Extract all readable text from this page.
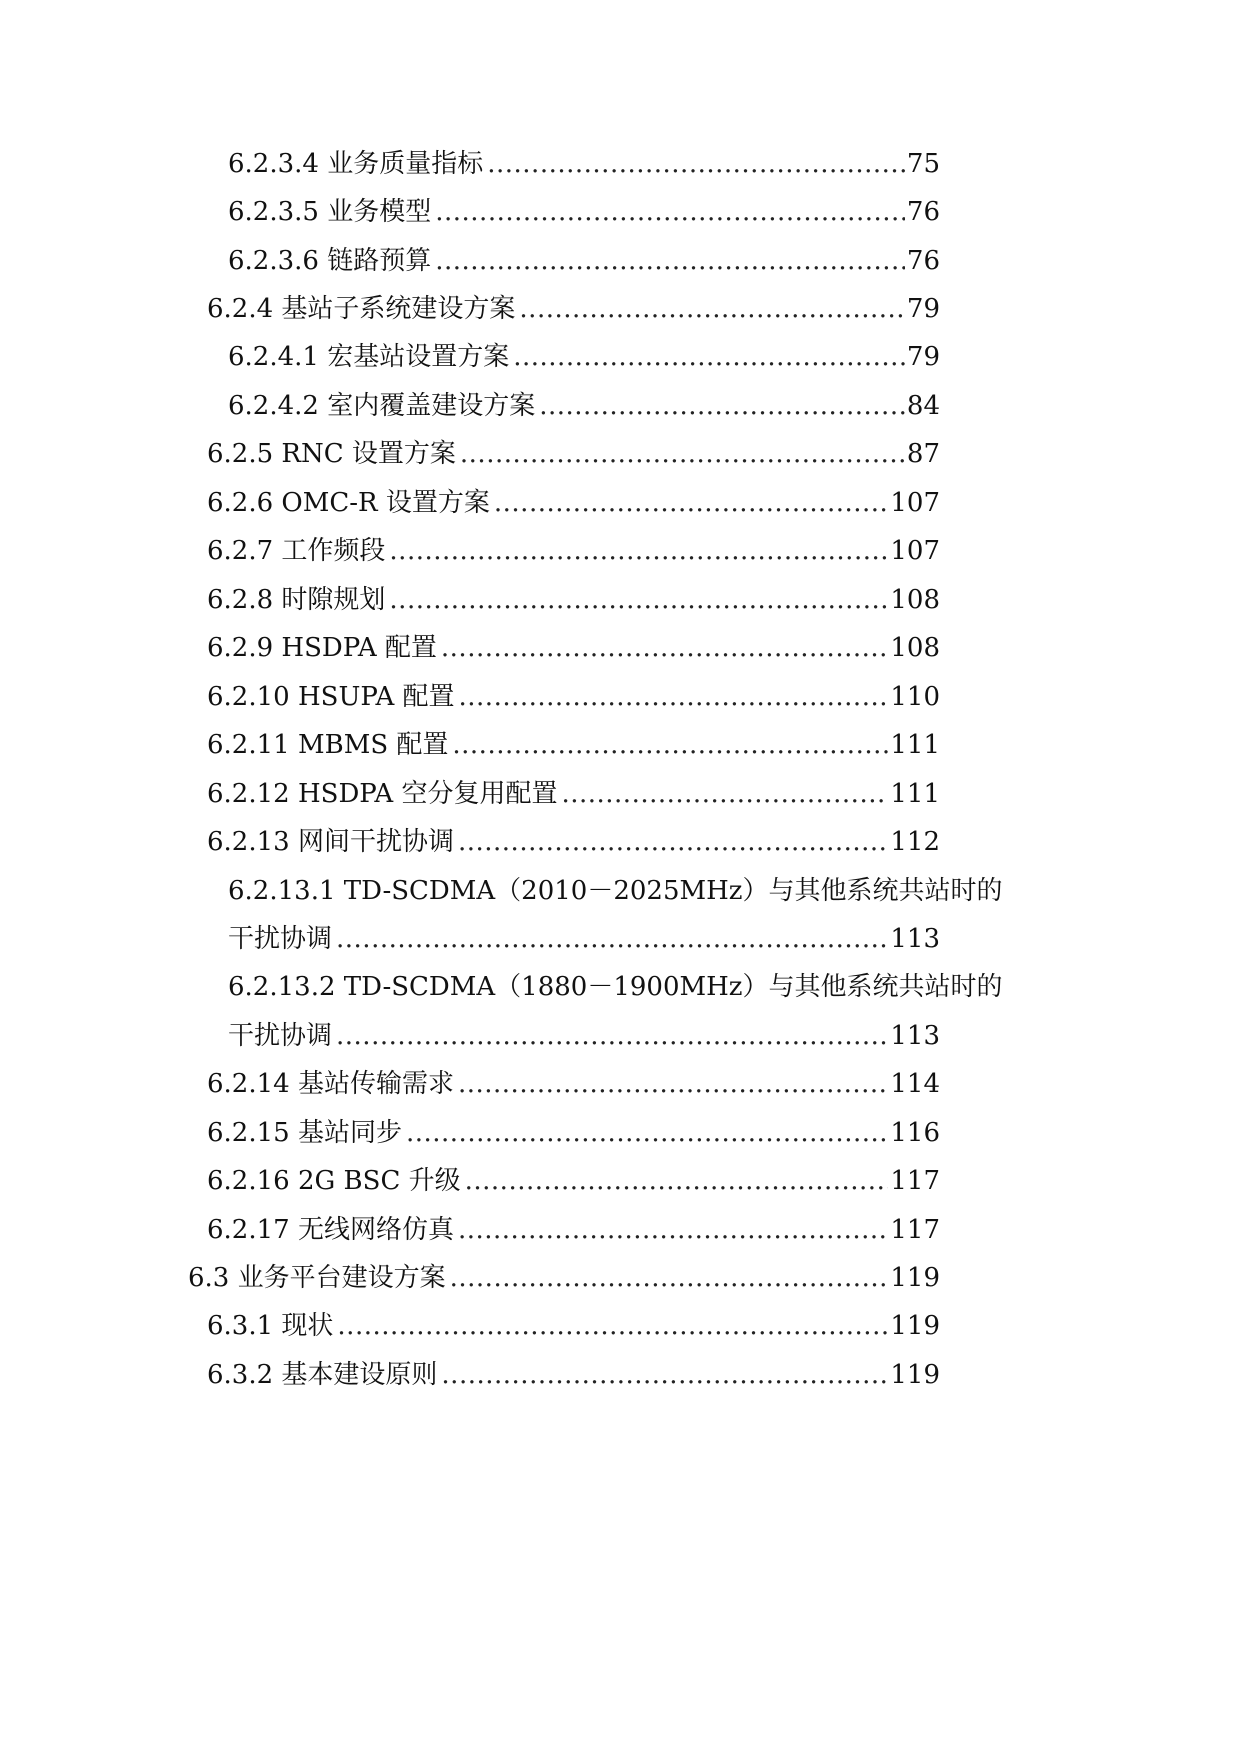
6.2.3.4 业务质量指标 .....	75
6.2.3.5 业务模型 .....	76
6.2.3.6 链路预算 .....	76
6.2.4 基站子系统建设方案 .....	79
6.2.4.1 宏基站设置方案 .....	79
6.2.4.2 室内覆盖建设方案 .....	84
6.2.5 RNC 设置方案 .....	87
6.2.6 OMC-R 设置方案 .....	107
6.2.7 工作频段 .....	107
6.2.8 时隙规划 .....	108
6.2.9 HSDPA 配置 .....	108
6.2.10 HSUPA 配置 .....	110
6.2.11 MBMS 配置 .....	111
6.2.12 HSDPA 空分复用配置 .....	111
6.2.13 网间干扰协调 .....	112
6.2.13.1 TD-SCDMA（2010－2025MHz）与其他系统共站时的
干扰协调 .....	113
6.2.13.2 TD-SCDMA（1880－1900MHz）与其他系统共站时的
干扰协调 .....	113
6.2.14 基站传输需求 .....	114
6.2.15 基站同步 .....	116
6.2.16 2G BSC 升级 .....	117
6.2.17 无线网络仿真 .....	117
6.3 业务平台建设方案 .....	119
6.3.1 现状 .....	119
6.3.2 基本建设原则 .....	119
